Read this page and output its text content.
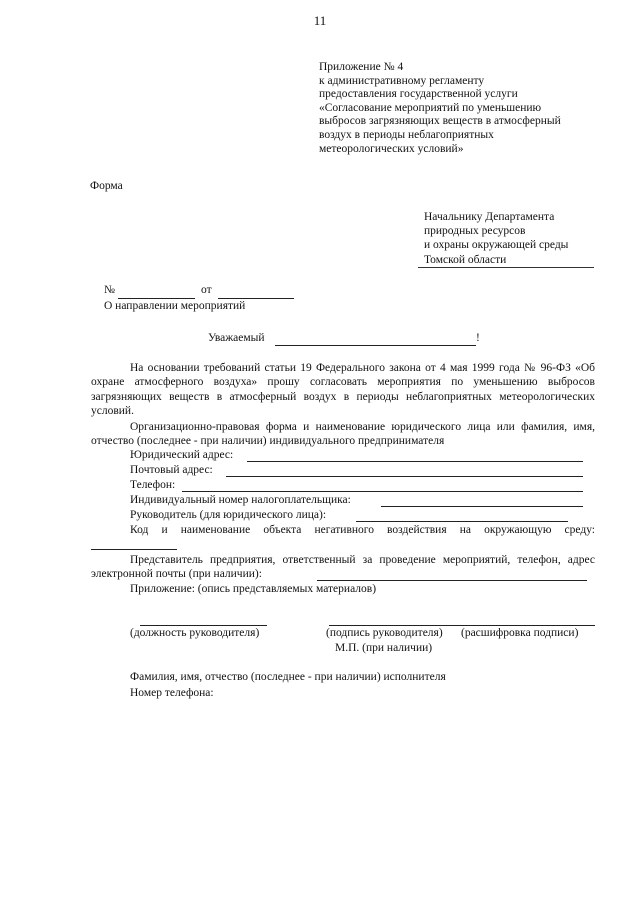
11
Приложение № 4
к административному регламенту
предоставления государственной услуги
«Согласование мероприятий по уменьшению
выбросов загрязняющих веществ в атмосферный
воздух в периоды неблагоприятных
метеорологических условий»
Форма
Начальнику Департамента
природных ресурсов
и охраны окружающей среды
Томской области
№	от
О направлении мероприятий
Уважаемый	!
На основании требований статьи 19 Федерального закона от 4 мая 1999 года № 96-ФЗ «Об охране атмосферного воздуха» прошу согласовать мероприятия по уменьшению выбросов загрязняющих веществ в атмосферный воздух в периоды неблагоприятных метеорологических условий.
Организационно-правовая форма и наименование юридического лица или фамилия, имя, отчество (последнее - при наличии) индивидуального предпринимателя
Юридический адрес:
Почтовый адрес:
Телефон:
Индивидуальный номер налогоплательщика:
Руководитель (для юридического лица):
Код и наименование объекта негативного воздействия на окружающую среду:
Представитель предприятия, ответственный за проведение мероприятий, телефон, адрес электронной почты (при наличии):
Приложение: (опись представляемых материалов)
(должность руководителя)	(подпись руководителя) (расшифровка подписи)
М.П. (при наличии)
Фамилия, имя, отчество (последнее - при наличии) исполнителя
Номер телефона:
